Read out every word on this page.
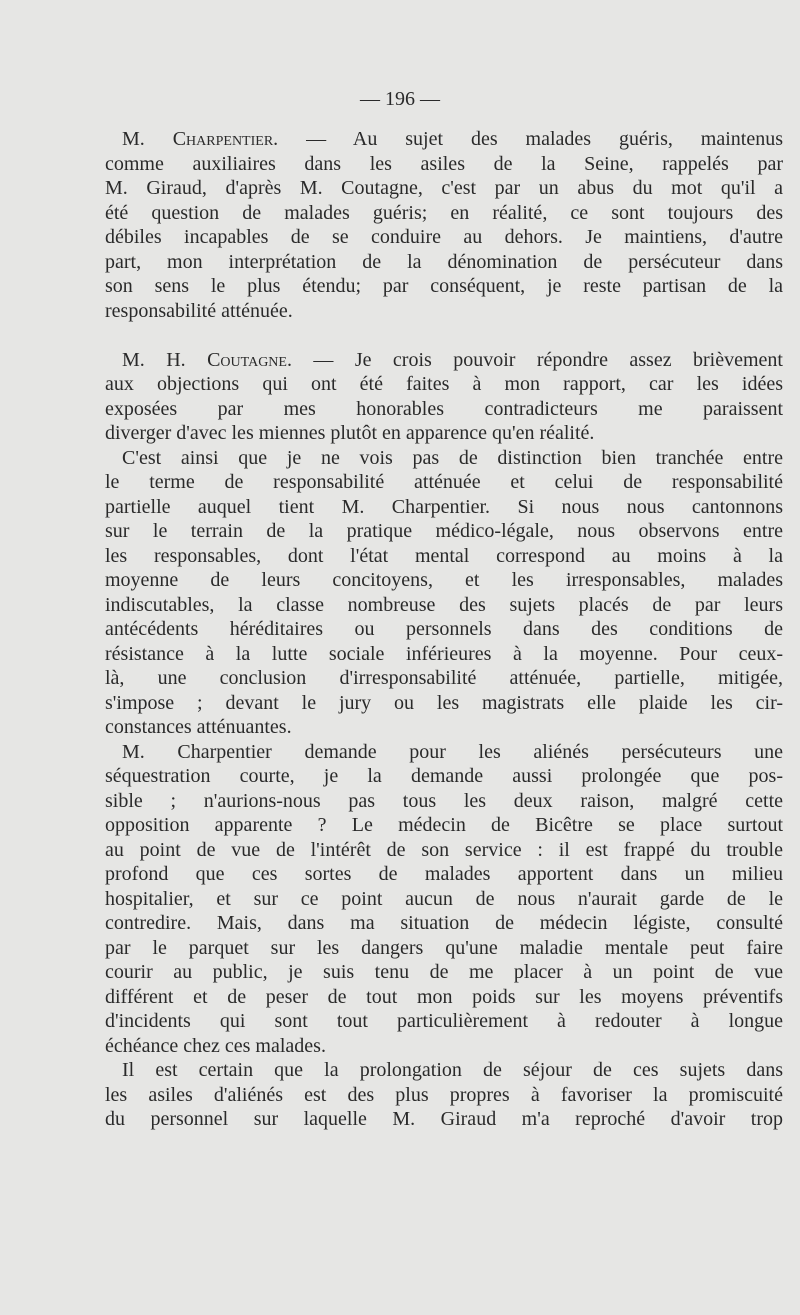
— 196 —
M. Charpentier. — Au sujet des malades guéris, maintenus
comme auxiliaires dans les asiles de la Seine, rappelés par
M. Giraud, d'après M. Coutagne, c'est par un abus du mot qu'il a
été question de malades guéris; en réalité, ce sont toujours des
débiles incapables de se conduire au dehors. Je maintiens, d'autre
part, mon interprétation de la dénomination de persécuteur dans
son sens le plus étendu; par conséquent, je reste partisan de la
responsabilité atténuée.
M. H. Coutagne. — Je crois pouvoir répondre assez brièvement
aux objections qui ont été faites à mon rapport, car les idées
exposées par mes honorables contradicteurs me paraissent
diverger d'avec les miennes plutôt en apparence qu'en réalité.
C'est ainsi que je ne vois pas de distinction bien tranchée entre
le terme de responsabilité atténuée et celui de responsabilité
partielle auquel tient M. Charpentier. Si nous nous cantonnons
sur le terrain de la pratique médico-légale, nous observons entre
les responsables, dont l'état mental correspond au moins à la
moyenne de leurs concitoyens, et les irresponsables, malades
indiscutables, la classe nombreuse des sujets placés de par leurs
antécédents héréditaires ou personnels dans des conditions de
résistance à la lutte sociale inférieures à la moyenne. Pour ceux-
là, une conclusion d'irresponsabilité atténuée, partielle, mitigée,
s'impose ; devant le jury ou les magistrats elle plaide les cir-
constances atténuantes.
M. Charpentier demande pour les aliénés persécuteurs une
séquestration courte, je la demande aussi prolongée que pos-
sible ; n'aurions-nous pas tous les deux raison, malgré cette
opposition apparente ? Le médecin de Bicêtre se place surtout
au point de vue de l'intérêt de son service : il est frappé du trouble
profond que ces sortes de malades apportent dans un milieu
hospitalier, et sur ce point aucun de nous n'aurait garde de le
contredire. Mais, dans ma situation de médecin légiste, consulté
par le parquet sur les dangers qu'une maladie mentale peut faire
courir au public, je suis tenu de me placer à un point de vue
différent et de peser de tout mon poids sur les moyens préventifs
d'incidents qui sont tout particulièrement à redouter à longue
échéance chez ces malades.
Il est certain que la prolongation de séjour de ces sujets dans
les asiles d'aliénés est des plus propres à favoriser la promiscuité
du personnel sur laquelle M. Giraud m'a reproché d'avoir trop
